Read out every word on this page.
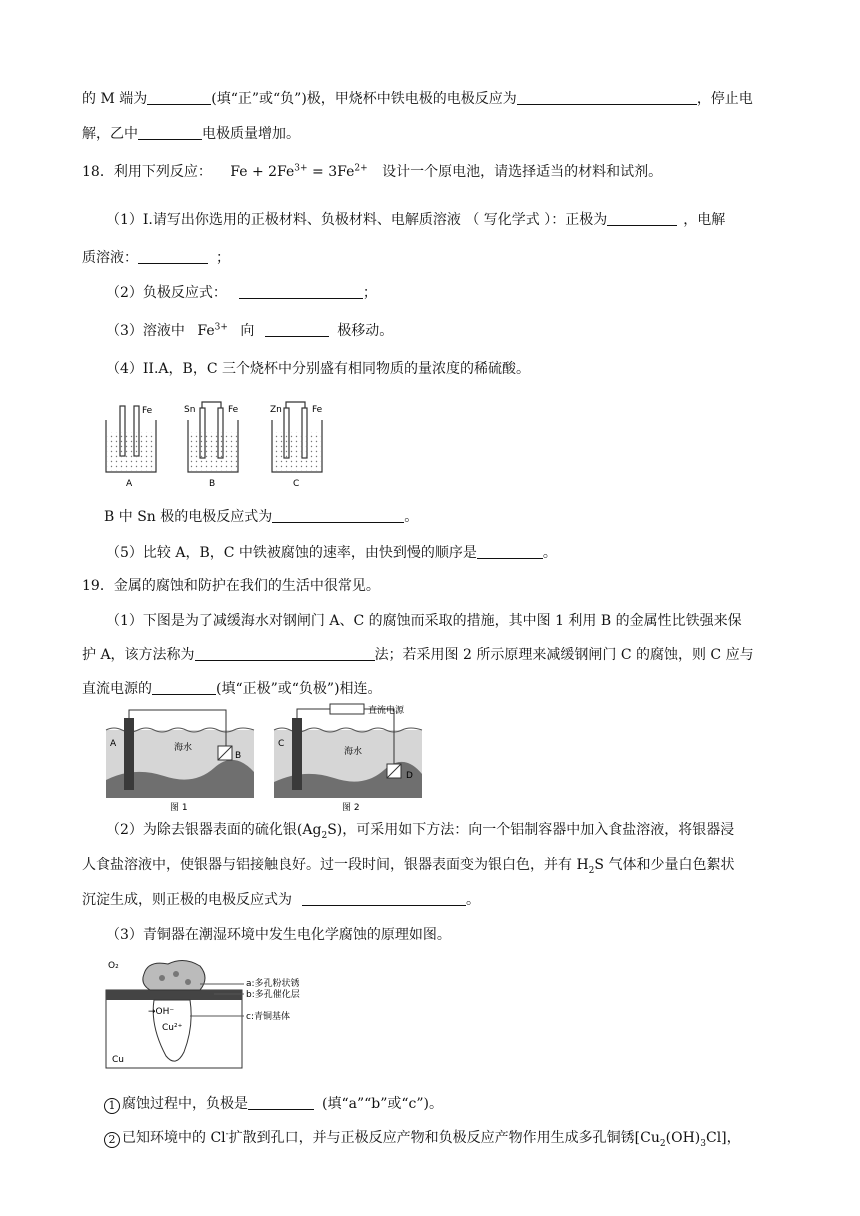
的 M 端为	(填“正”或“负”)极，甲烧杯中铁电极的电极反应为	，停止电
解，乙中	电极质量增加。
18．利用下列反应： $Fe + 2Fe^{3+} = 3Fe^{2+}$ 设计一个原电池，请选择适当的材料和试剂。
（1）I.请写出你选用的正极材料、负极材料、电解质溶液 （ 写化学式 ）：正极为	，电解
质溶液：	；
（2）负极反应式：	；
（3）溶液中 $Fe^{3+}$ 向	极移动。
（4）II.A，B，C 三个烧杯中分别盛有相同物质的量浓度的稀硫酸。
Fe	Sn	Fe	Zn	Fe
A	B	C
B 中 Sn 极的电极反应式为	。
（5）比较 A，B，C 中铁被腐蚀的速率，由快到慢的顺序是	。
19．金属的腐蚀和防护在我们的生活中很常见。
（1）下图是为了减缓海水对钢闸门 A、C 的腐蚀而采取的措施，其中图 1 利用 B 的金属性比铁强来保
护 A，该方法称为	法；若采用图 2 所示原理来减缓钢闸门 C 的腐蚀，则 C 应与
直流电源的	(填“正极”或“负极”)相连。
A
B
海水
图 1
直流电源
C
D
海水
图 2
（2）为除去银器表面的硫化银$(Ag_2S)$，可采用如下方法：向一个铝制容器中加入食盐溶液，将银器浸
人食盐溶液中，使银器与铝接触良好。过一段时间，银器表面变为银白色，并有 $H_2S$ 气体和少量白色絮状
沉淀生成，则正极的电极反应式为	。
（3）青铜器在潮湿环境中发生电化学腐蚀的原理如图。
O₂
→OH⁻
Cu²⁺
Cu
a:多孔粉状锈
b:多孔催化层
c:青铜基体
1 腐蚀过程中，负极是	(填“a”“b”或“c”)。
2 已知环境中的 Cl-扩散到孔口，并与正极反应产物和负极反应产物作用生成多孔铜锈$[Cu_2(OH)_3Cl]$，
